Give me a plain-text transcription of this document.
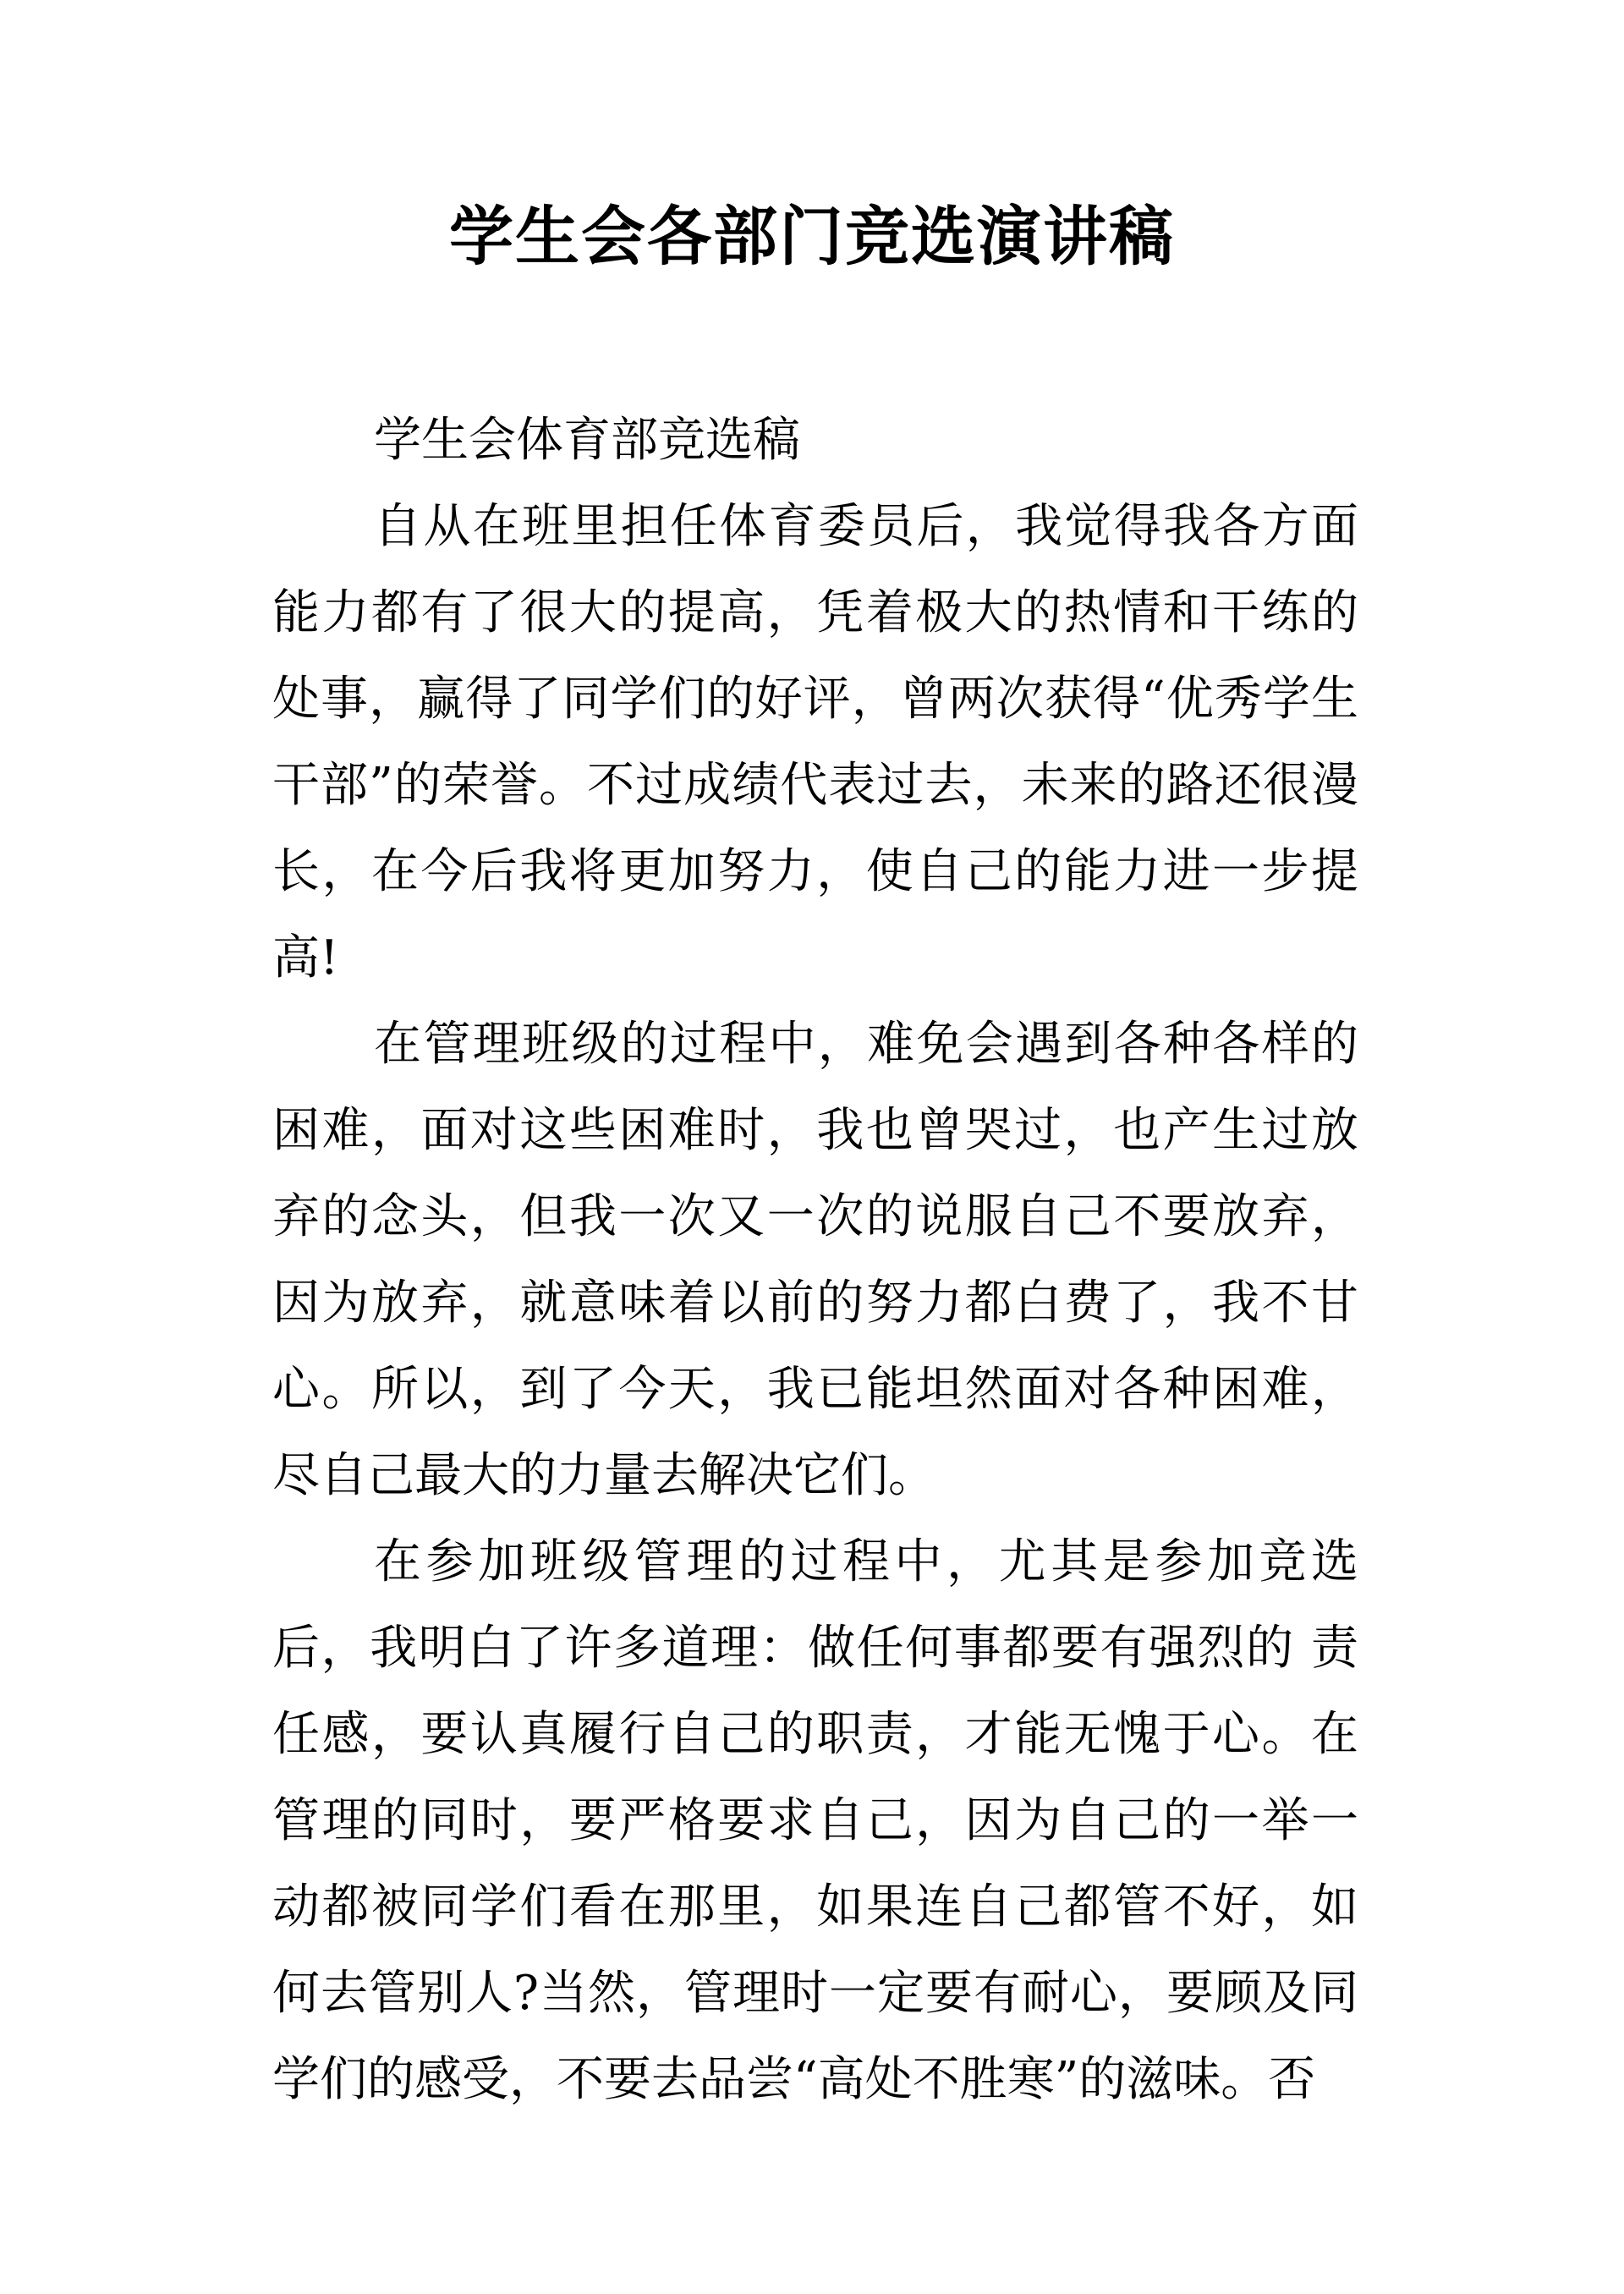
学生会各部门竞选演讲稿

学生会体育部竞选稿

自从在班里担任体育委员后，我觉得我各方面能力都有了很大的提高，凭着极大的热情和干练的处事，赢得了同学们的好评，曾两次获得“优秀学生干部”的荣誉。不过成绩代表过去，未来的路还很漫长，在今后我将更加努力，使自己的能力进一步提高!

在管理班级的过程中，难免会遇到各种各样的困难，面对这些困难时，我也曾哭过，也产生过放弃的念头，但我一次又一次的说服自己不要放弃，因为放弃，就意味着以前的努力都白费了，我不甘心。所以，到了今天，我已能坦然面对各种困难，尽自己最大的力量去解决它们。

在参加班级管理的过程中，尤其是参加竞选后，我明白了许多道理：做任何事都要有强烈的 责任感，要认真履行自己的职责，才能无愧于心。在管理的同时，要严格要求自己，因为自己的一举一动都被同学们看在那里，如果连自己都管不好，如何去管别人?当然，管理时一定要有耐心，要顾及同学们的感受，不要去品尝“高处不胜寒”的滋味。否
